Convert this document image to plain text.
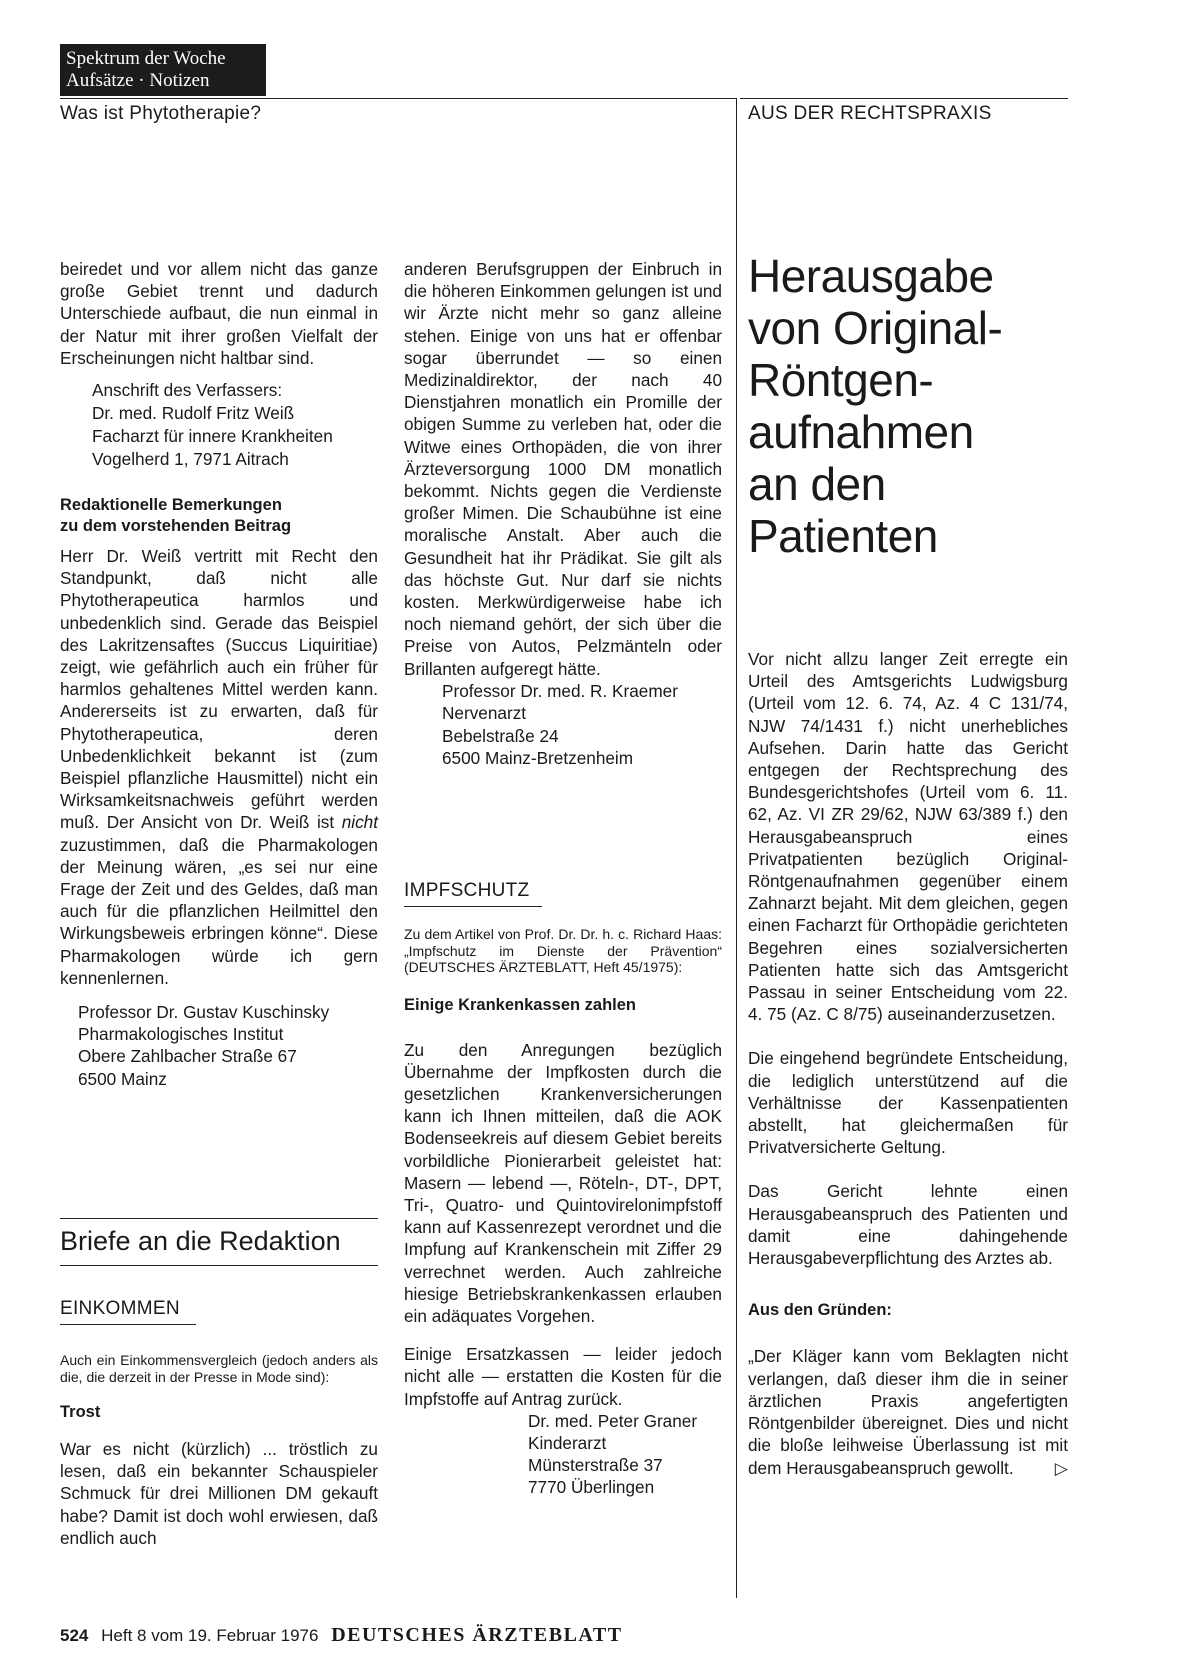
Spektrum der Woche
Aufsätze · Notizen
Was ist Phytotherapie?	AUS DER RECHTSPRAXIS

beiredet und vor allem nicht das ganze große Gebiet trennt und dadurch Unterschiede aufbaut, die nun einmal in der Natur mit ihrer großen Vielfalt der Erscheinungen nicht haltbar sind.

Anschrift des Verfassers:
Dr. med. Rudolf Fritz Weiß
Facharzt für innere Krankheiten
Vogelherd 1, 7971 Aitrach
Redaktionelle Bemerkungen
zu dem vorstehenden Beitrag

Herr Dr. Weiß vertritt mit Recht den Standpunkt, daß nicht alle Phytotherapeutica harmlos und unbedenklich sind. Gerade das Beispiel des Lakritzensaftes (Succus Liquiritiae) zeigt, wie gefährlich auch ein früher für harmlos gehaltenes Mittel werden kann. Andererseits ist zu erwarten, daß für Phytotherapeutica, deren Unbedenklichkeit bekannt ist (zum Beispiel pflanzliche Hausmittel) nicht ein Wirksamkeitsnachweis geführt werden muß. Der Ansicht von Dr. Weiß ist nicht zuzustimmen, daß die Pharmakologen der Meinung wären, „es sei nur eine Frage der Zeit und des Geldes, daß man auch für die pflanzlichen Heilmittel den Wirkungsbeweis erbringen könne“. Diese Pharmakologen würde ich gern kennenlernen.

Professor Dr. Gustav Kuschinsky
Pharmakologisches Institut
Obere Zahlbacher Straße 67
6500 Mainz
Briefe an die Redaktion
EINKOMMEN
Auch ein Einkommensvergleich (jedoch anders als die, die derzeit in der Presse in Mode sind):
Trost
War es nicht (kürzlich) ... tröstlich zu lesen, daß ein bekannter Schauspieler Schmuck für drei Millionen DM gekauft habe? Damit ist doch wohl erwiesen, daß endlich auch

anderen Berufsgruppen der Einbruch in die höheren Einkommen gelungen ist und wir Ärzte nicht mehr so ganz alleine stehen. Einige von uns hat er offenbar sogar überrundet — so einen Medizinaldirektor, der nach 40 Dienstjahren monatlich ein Promille der obigen Summe zu verleben hat, oder die Witwe eines Orthopäden, die von ihrer Ärzteversorgung 1000 DM monatlich bekommt. Nichts gegen die Verdienste großer Mimen. Die Schaubühne ist eine moralische Anstalt. Aber auch die Gesundheit hat ihr Prädikat. Sie gilt als das höchste Gut. Nur darf sie nichts kosten. Merkwürdigerweise habe ich noch niemand gehört, der sich über die Preise von Autos, Pelzmänteln oder Brillanten aufgeregt hätte.

Professor Dr. med. R. Kraemer
Nervenarzt
Bebelstraße 24
6500 Mainz-Bretzenheim
IMPFSCHUTZ
Zu dem Artikel von Prof. Dr. Dr. h. c. Richard Haas: „Impfschutz im Dienste der Prävention“ (DEUTSCHES ÄRZTEBLATT, Heft 45/1975):
Einige Krankenkassen zahlen
Zu den Anregungen bezüglich Übernahme der Impfkosten durch die gesetzlichen Krankenversicherungen kann ich Ihnen mitteilen, daß die AOK Bodenseekreis auf diesem Gebiet bereits vorbildliche Pionierarbeit geleistet hat: Masern — lebend —, Röteln-, DT-, DPT, Tri-, Quatro- und Quintovirelonimpfstoff kann auf Kassenrezept verordnet und die Impfung auf Krankenschein mit Ziffer 29 verrechnet werden. Auch zahlreiche hiesige Betriebskrankenkassen erlauben ein adäquates Vorgehen.
Einige Ersatzkassen — leider jedoch nicht alle — erstatten die Kosten für die Impfstoffe auf Antrag zurück.
Dr. med. Peter Graner
Kinderarzt
Münsterstraße 37
7770 Überlingen
Herausgabe
von Original-
Röntgen-
aufnahmen
an den
Patienten

Vor nicht allzu langer Zeit erregte ein Urteil des Amtsgerichts Ludwigsburg (Urteil vom 12. 6. 74, Az. 4 C 131/74, NJW 74/1431 f.) nicht unerhebliches Aufsehen. Darin hatte das Gericht entgegen der Rechtsprechung des Bundesgerichtshofes (Urteil vom 6. 11. 62, Az. VI ZR 29/62, NJW 63/389 f.) den Herausgabeanspruch eines Privatpatienten bezüglich Original-Röntgenaufnahmen gegenüber einem Zahnarzt bejaht. Mit dem gleichen, gegen einen Facharzt für Orthopädie gerichteten Begehren eines sozialversicherten Patienten hatte sich das Amtsgericht Passau in seiner Entscheidung vom 22. 4. 75 (Az. C 8/75) auseinanderzusetzen.

Die eingehend begründete Entscheidung, die lediglich unterstützend auf die Verhältnisse der Kassenpatienten abstellt, hat gleichermaßen für Privatversicherte Geltung.

Das Gericht lehnte einen Herausgabeanspruch des Patienten und damit eine dahingehende Herausgabeverpflichtung des Arztes ab.

Aus den Gründen:

„Der Kläger kann vom Beklagten nicht verlangen, daß dieser ihm die in seiner ärztlichen Praxis angefertigten Röntgenbilder übereignet. Dies und nicht die bloße leihweise Überlassung ist mit dem Herausgabeanspruch gewollt. ▷

524 Heft 8 vom 19. Februar 1976 DEUTSCHES ÄRZTEBLATT
